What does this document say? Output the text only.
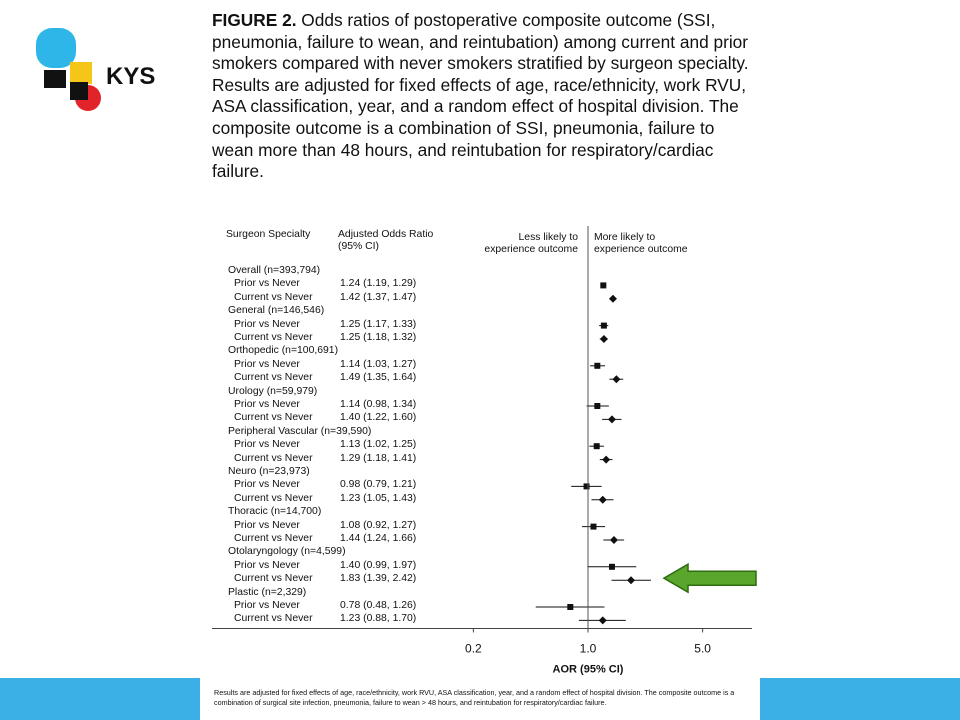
KYS
FIGURE 2. Odds ratios of postoperative composite outcome (SSI, pneumonia, failure to wean, and reintubation) among current and prior smokers compared with never smokers stratified by surgeon specialty. Results are adjusted for fixed effects of age, race/ethnicity, work RVU, ASA classification, year, and a random effect of hospital division. The composite outcome is a combination of SSI, pneumonia, failure to wean more than 48 hours, and reintubation for respiratory/cardiac failure.
Surgeon Specialty	Adjusted Odds Ratio
(95% CI)
Less likely to
experience outcome
More likely to
experience outcome
Overall (n=393,794)
Prior vs Never	1.24 (1.19, 1.29)
Current vs Never	1.42 (1.37, 1.47)
General (n=146,546)
Prior vs Never	1.25 (1.17, 1.33)
Current vs Never	1.25 (1.18, 1.32)
Orthopedic (n=100,691)
Prior vs Never	1.14 (1.03, 1.27)
Current vs Never	1.49 (1.35, 1.64)
Urology (n=59,979)
Prior vs Never	1.14 (0.98, 1.34)
Current vs Never	1.40 (1.22, 1.60)
Peripheral Vascular (n=39,590)
Prior vs Never	1.13 (1.02, 1.25)
Current vs Never	1.29 (1.18, 1.41)
Neuro (n=23,973)
Prior vs Never	0.98 (0.79, 1.21)
Current vs Never	1.23 (1.05, 1.43)
Thoracic (n=14,700)
Prior vs Never	1.08 (0.92, 1.27)
Current vs Never	1.44 (1.24, 1.66)
Otolaryngology (n=4,599)
Prior vs Never	1.40 (0.99, 1.97)
Current vs Never	1.83 (1.39, 2.42)
Plastic (n=2,329)
Prior vs Never	0.78 (0.48, 1.26)
Current vs Never	1.23 (0.88, 1.70)
0.2	1.0	5.0
AOR (95% CI)
Results are adjusted for fixed effects of age, race/ethnicity, work RVU, ASA classification, year, and a random effect of hospital division. The composite outcome is a combination of surgical site infection, pneumonia, failure to wean > 48 hours, and reintubation for respiratory/cardiac failure.
